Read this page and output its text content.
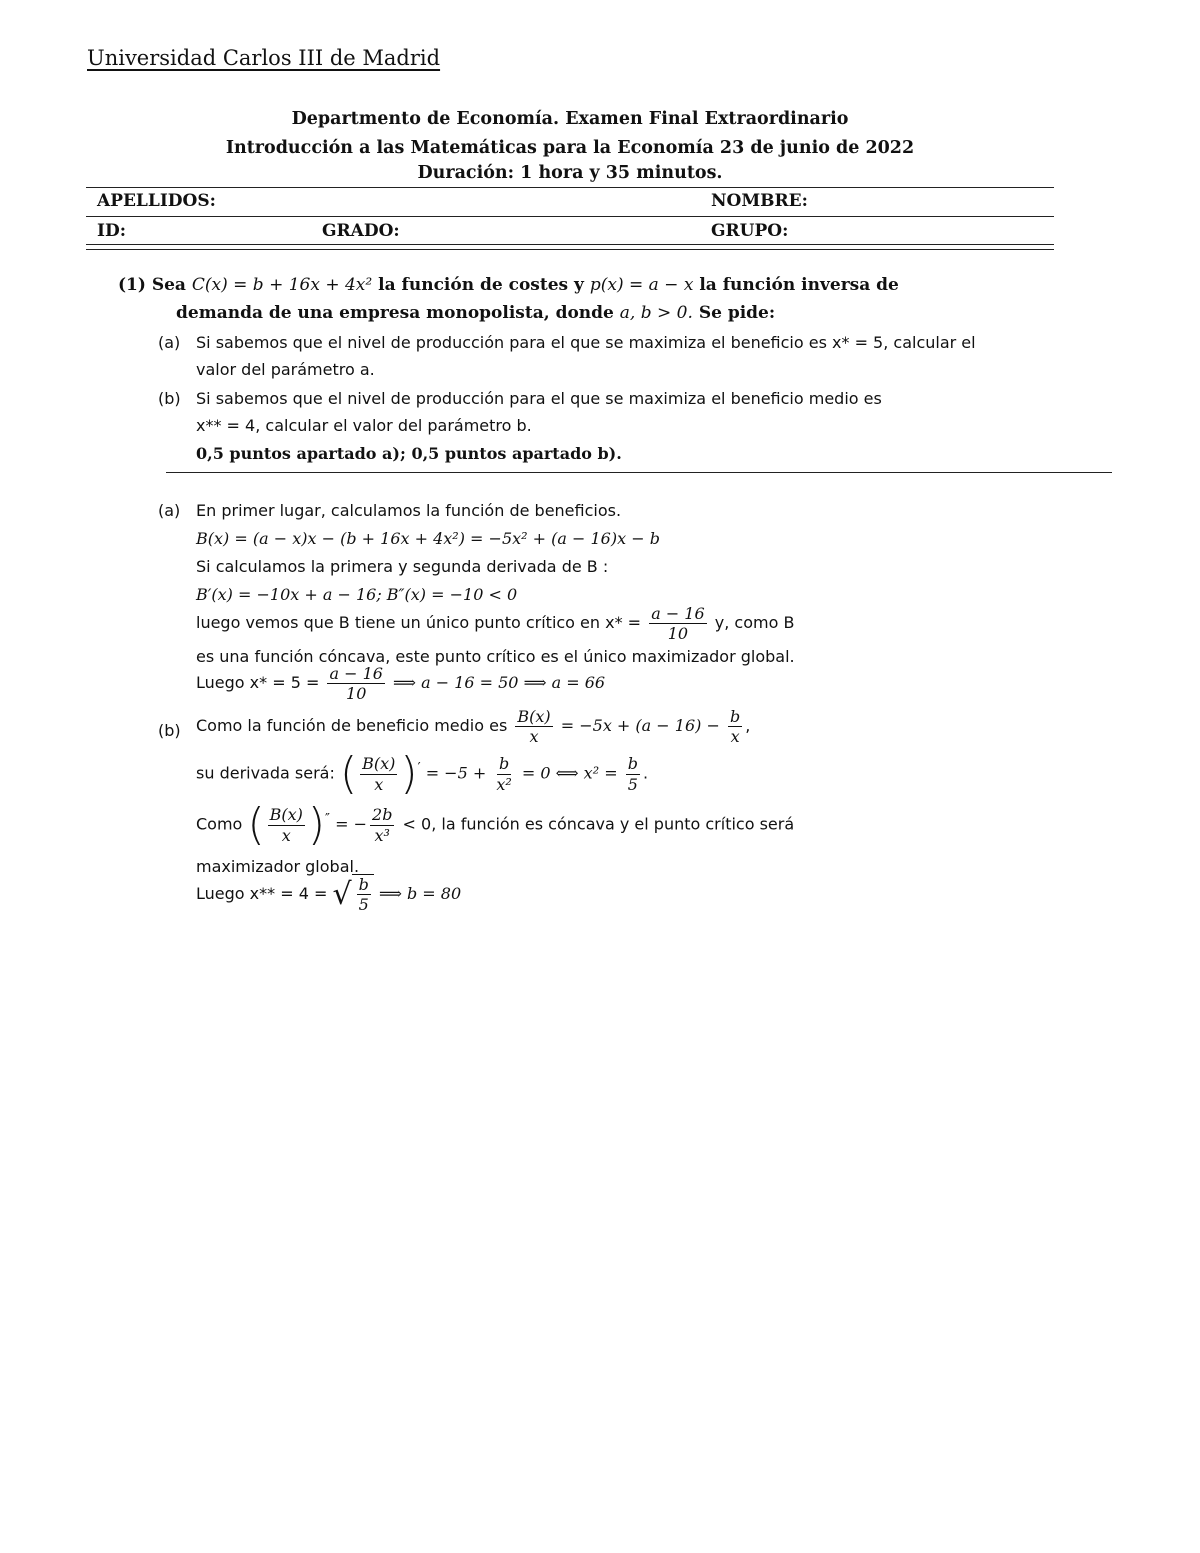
Universidad Carlos III de Madrid
Departmento de Economía. Examen Final Extraordinario
Introducción a las Matemáticas para la Economía 23 de junio de 2022
Duración: 1 hora y 35 minutos.
APELLIDOS:	NOMBRE:
ID:	GRADO:	GRUPO:
(1) Sea C(x) = b + 16x + 4x² la función de costes y p(x) = a − x la función inversa de
demanda de una empresa monopolista, donde a, b > 0. Se pide:
(a) Si sabemos que el nivel de producción para el que se maximiza el beneficio es x* = 5, calcular el
valor del parámetro a.
(b) Si sabemos que el nivel de producción para el que se maximiza el beneficio medio es
x** = 4, calcular el valor del parámetro b.
0,5 puntos apartado a); 0,5 puntos apartado b).
(a) En primer lugar, calculamos la función de beneficios.
B(x) = (a − x)x − (b + 16x + 4x²) = −5x² + (a − 16)x − b
Si calculamos la primera y segunda derivada de B :
B′(x) = −10x + a − 16; B″(x) = −10 < 0
luego vemos que B tiene un único punto crítico en $x* = \frac{a - 16}{10} y$, como B
es una función cóncava, este punto crítico es el único maximizador global.
Luego $x* = 5 = \frac{a - 16}{10}$ ⟹ a − 16 = 50 ⟹ a = 66
(b) Como la función de beneficio medio es $\frac{B(x)}{x} = -5x + (a - 16) - \frac{b}{x}$ ,
su derivada será: ( $\frac{B(x)}{x} )' = -5 + \frac{b}{\text{x²}} = 0$ ⟺ $x^2 = \frac{b}{5}$ .
Como ( $\frac{B(x)}{x} )''$ = − $\frac{2b}{\text{x³}} < 0$, la función es cóncava y el punto crítico será
maximizador global.
Luego x** = 4 = √ $\frac{b}{5}$ ⟹ b = 80
